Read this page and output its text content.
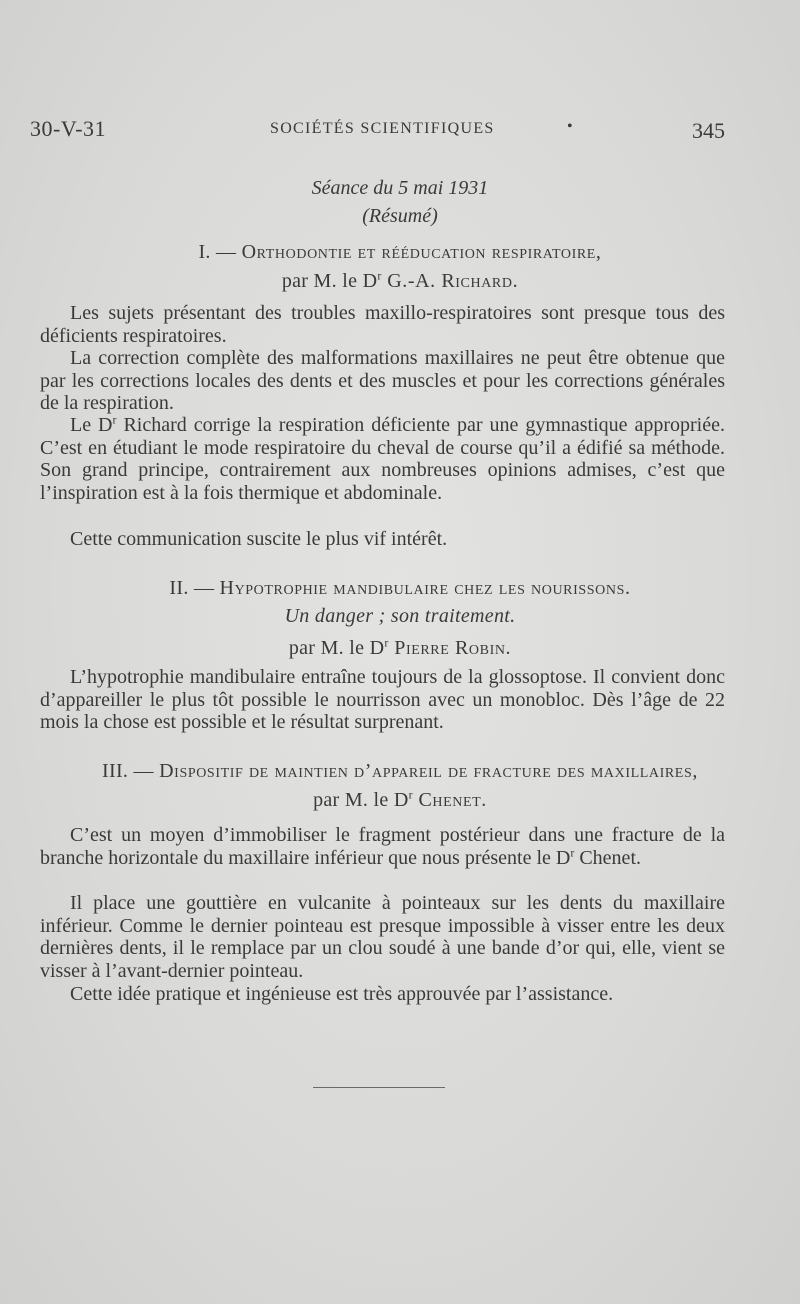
30-V-31	SOCIÉTÉS SCIENTIFIQUES	•	345
Séance du 5 mai 1931
(Résumé)
I. — Orthodontie et rééducation respiratoire,
par M. le $D^r$ G.-A. Richard.

Les sujets présentant des troubles maxillo-respiratoires sont presque tous des déficients respiratoires.

La correction complète des malformations maxillaires ne peut être obtenue que par les corrections locales des dents et des muscles et pour les corrections générales de la respiration.

Le $D^r$ Richard corrige la respiration déficiente par une gymnastique appropriée. C’est en étudiant le mode respiratoire du cheval de course qu’il a édifié sa méthode. Son grand principe, contrairement aux nombreuses opinions admises, c’est que l’inspiration est à la fois thermique et abdominale.

Cette communication suscite le plus vif intérêt.

II. — Hypotrophie mandibulaire chez les nourissons.
Un danger ; son traitement.
par M. le $D^r$ Pierre Robin.

L’hypotrophie mandibulaire entraîne toujours de la glossoptose. Il convient donc d’appareiller le plus tôt possible le nourrisson avec un monobloc. Dès l’âge de 22 mois la chose est possible et le résultat surprenant.

III. — Dispositif de maintien d’appareil de fracture des maxillaires,
par M. le $D^r$ Chenet.

C’est un moyen d’immobiliser le fragment postérieur dans une fracture de la branche horizontale du maxillaire inférieur que nous présente le $D^r$ Chenet.

Il place une gouttière en vulcanite à pointeaux sur les dents du maxillaire inférieur. Comme le dernier pointeau est presque impossible à visser entre les deux dernières dents, il le remplace par un clou soudé à une bande d’or qui, elle, vient se visser à l’avant-dernier pointeau.

Cette idée pratique et ingénieuse est très approuvée par l’assistance.
